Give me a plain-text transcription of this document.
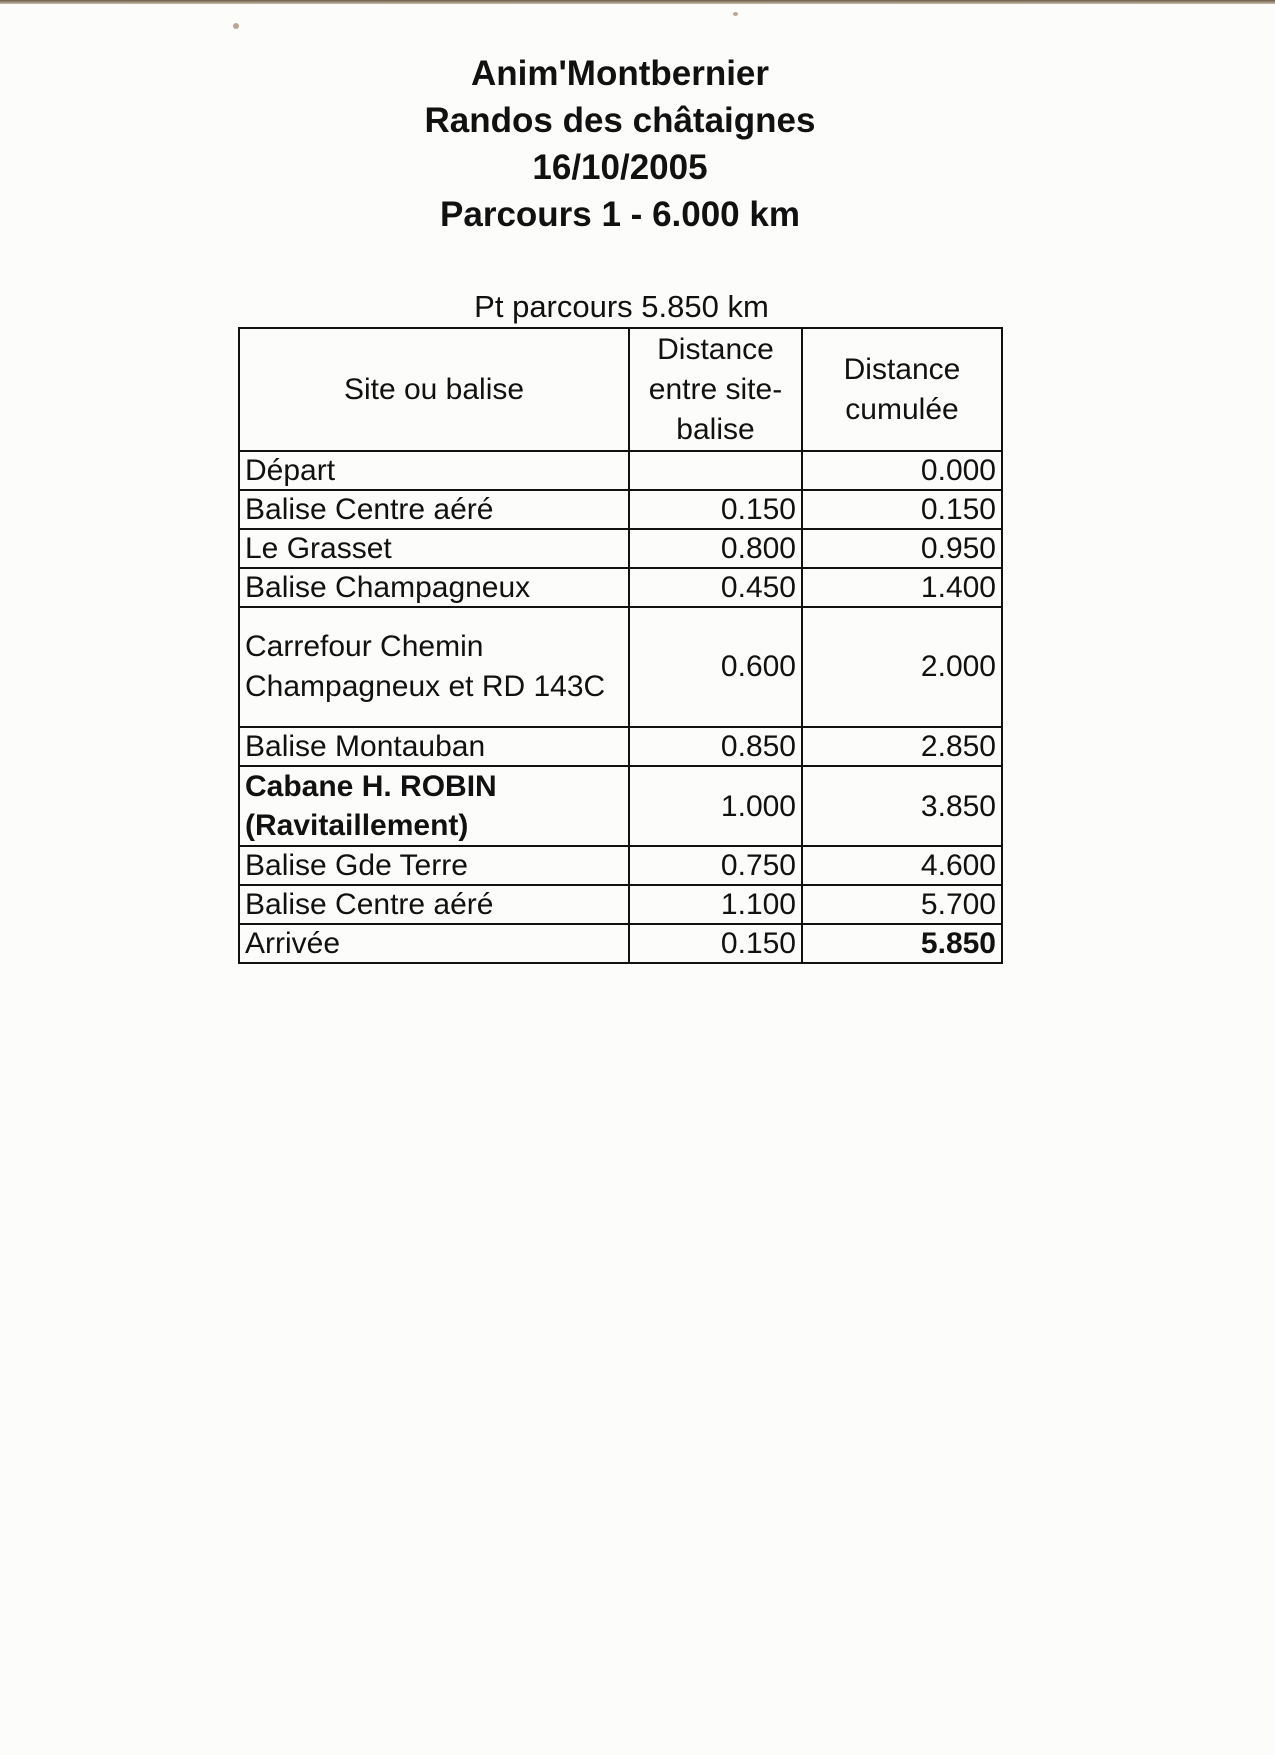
Anim'Montbernier
Randos des châtaignes
16/10/2005
Parcours 1 - 6.000 km
Pt parcours 5.850 km
Site ou balise	Distance entre site-balise	Distance cumulée
Départ		0.000
Balise Centre aéré	0.150	0.150
Le Grasset	0.800	0.950
Balise Champagneux	0.450	1.400
Carrefour Chemin Champagneux et RD 143C	0.600	2.000
Balise Montauban	0.850	2.850
Cabane H. ROBIN (Ravitaillement)	1.000	3.850
Balise Gde Terre	0.750	4.600
Balise Centre aéré	1.100	5.700
Arrivée	0.150	5.850
